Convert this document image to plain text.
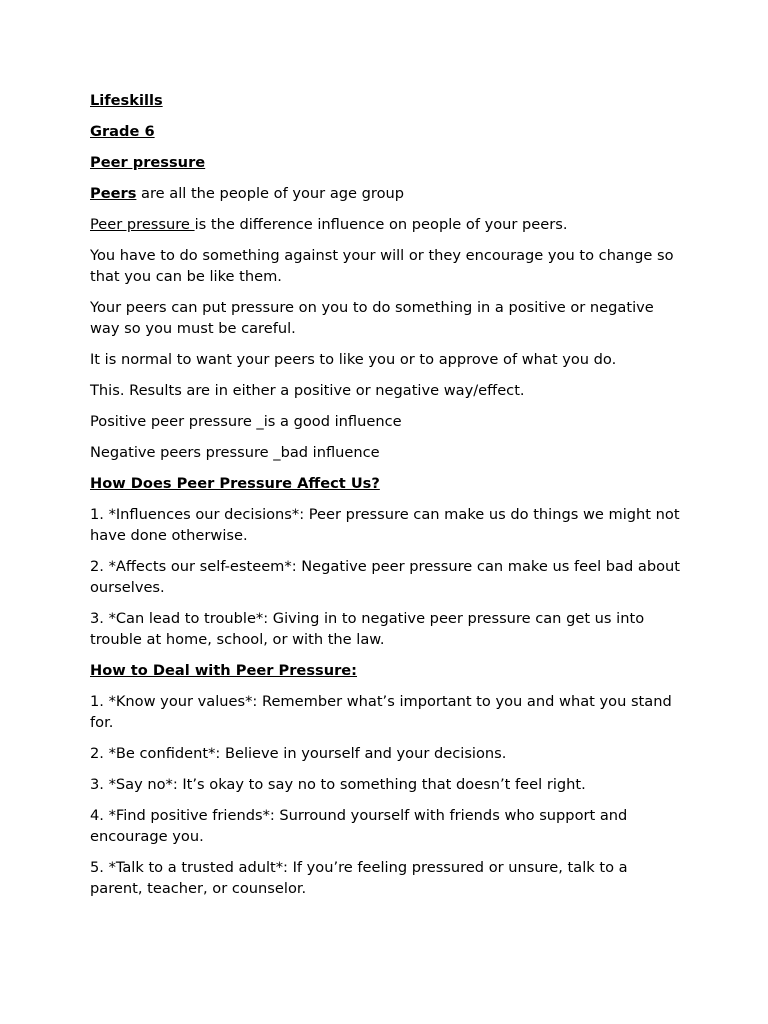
Lifeskills

Grade 6

Peer pressure

Peers are all the people of your age group

Peer pressure is the difference influence on people of your peers.

You have to do something against your will or they encourage you to change so that you can be like them.

Your peers can put pressure on you to do something in a positive or negative way so you must be careful.

It is normal to want your peers to like you or to approve of what you do.

This. Results are in either a positive or negative way/effect.

Positive peer pressure _is a good influence

Negative peers pressure _bad influence

How Does Peer Pressure Affect Us?

1. *Influences our decisions*: Peer pressure can make us do things we might not have done otherwise.

2. *Affects our self-esteem*: Negative peer pressure can make us feel bad about ourselves.

3. *Can lead to trouble*: Giving in to negative peer pressure can get us into trouble at home, school, or with the law.

How to Deal with Peer Pressure:

1. *Know your values*: Remember what’s important to you and what you stand for.

2. *Be confident*: Believe in yourself and your decisions.

3. *Say no*: It’s okay to say no to something that doesn’t feel right.

4. *Find positive friends*: Surround yourself with friends who support and encourage you.

5. *Talk to a trusted adult*: If you’re feeling pressured or unsure, talk to a parent, teacher, or counselor.
